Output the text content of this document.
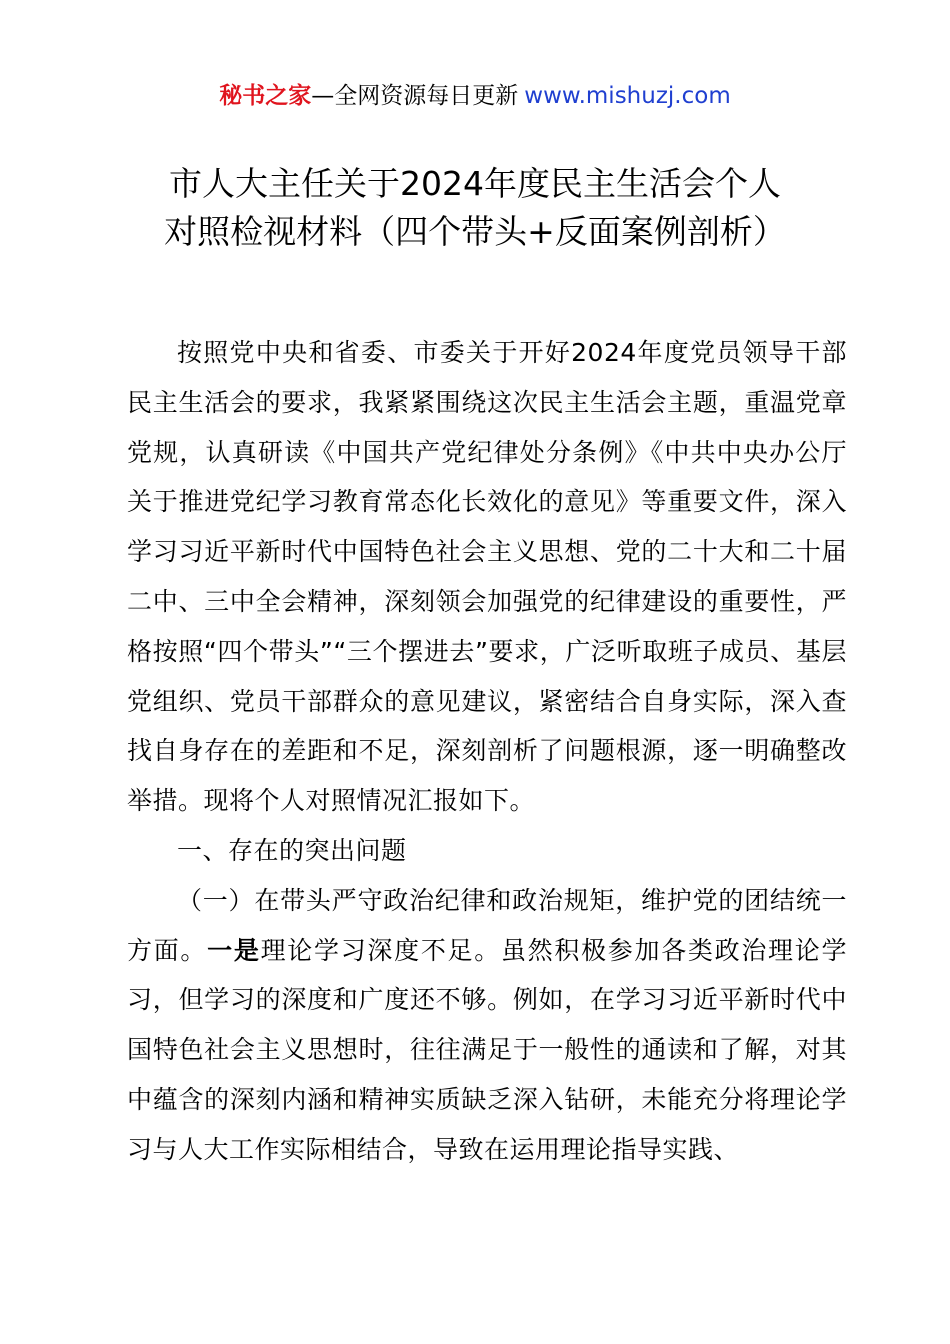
秘书之家—全网资源每日更新 www.mishuzj.com
市人大主任关于2024年度民主生活会个人
对照检视材料（四个带头+反面案例剖析）

按照党中央和省委、市委关于开好2024年度党员领导干部民主生活会的要求，我紧紧围绕这次民主生活会主题，重温党章党规，认真研读《中国共产党纪律处分条例》《中共中央办公厅关于推进党纪学习教育常态化长效化的意见》等重要文件，深入学习习近平新时代中国特色社会主义思想、党的二十大和二十届二中、三中全会精神，深刻领会加强党的纪律建设的重要性，严格按照“四个带头”“三个摆进去”要求，广泛听取班子成员、基层党组织、党员干部群众的意见建议，紧密结合自身实际，深入查找自身存在的差距和不足，深刻剖析了问题根源，逐一明确整改举措。现将个人对照情况汇报如下。

一、存在的突出问题

（一）在带头严守政治纪律和政治规矩，维护党的团结统一方面。一是理论学习深度不足。虽然积极参加各类政治理论学习，但学习的深度和广度还不够。例如，在学习习近平新时代中国特色社会主义思想时，往往满足于一般性的通读和了解，对其中蕴含的深刻内涵和精神实质缺乏深入钻研，未能充分将理论学习与人大工作实际相结合，导致在运用理论指导实践、
